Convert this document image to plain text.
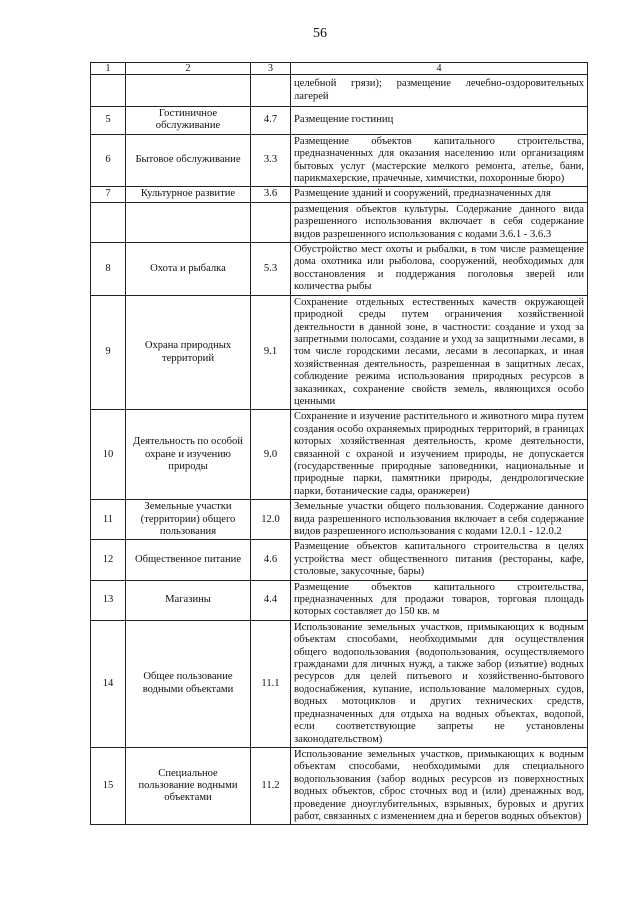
56
1	2	3	4
			целебной грязи); размещение лечебно-оздоровительных лагерей
5	Гостиничное обслуживание	4.7	Размещение гостиниц
6	Бытовое обслуживание	3.3	Размещение объектов капитального строительства, предназначенных для оказания населению или организациям бытовых услуг (мастерские мелкого ремонта, ателье, бани, парикмахерские, прачечные, химчистки, похоронные бюро)
7	Культурное развитие	3.6	Размещение зданий и сооружений, предназначенных для
			размещения объектов культуры. Содержание данного вида разрешенного использования включает в себя содержание видов разрешенного использования с кодами 3.6.1 - 3.6.3
8	Охота и рыбалка	5.3	Обустройство мест охоты и рыбалки, в том числе размещение дома охотника или рыболова, сооружений, необходимых для восстановления и поддержания поголовья зверей или количества рыбы
9	Охрана природных территорий	9.1	Сохранение отдельных естественных качеств окружающей природной среды путем ограничения хозяйственной деятельности в данной зоне, в частности: создание и уход за запретными полосами, создание и уход за защитными лесами, в том числе городскими лесами, лесами в лесопарках, и иная хозяйственная деятельность, разрешенная в защитных лесах, соблюдение режима использования природных ресурсов в заказниках, сохранение свойств земель, являющихся особо ценными
10	Деятельность по особой охране и изучению природы	9.0	Сохранение и изучение растительного и животного мира путем создания особо охраняемых природных территорий, в границах которых хозяйственная деятельность, кроме деятельности, связанной с охраной и изучением природы, не допускается (государственные природные заповедники, национальные и природные парки, памятники природы, дендрологические парки, ботанические сады, оранжереи)
11	Земельные участки (территории) общего пользования	12.0	Земельные участки общего пользования. Содержание данного вида разрешенного использования включает в себя содержание видов разрешенного использования с кодами 12.0.1 - 12.0.2
12	Общественное питание	4.6	Размещение объектов капитального строительства в целях устройства мест общественного питания (рестораны, кафе, столовые, закусочные, бары)
13	Магазины	4.4	Размещение объектов капитального строительства, предназначенных для продажи товаров, торговая площадь которых составляет до 150 кв. м
14	Общее пользование водными объектами	11.1	Использование земельных участков, примыкающих к водным объектам способами, необходимыми для осуществления общего водопользования (водопользования, осуществляемого гражданами для личных нужд, а также забор (изъятие) водных ресурсов для целей питьевого и хозяйственно-бытового водоснабжения, купание, использование маломерных судов, водных мотоциклов и других технических средств, предназначенных для отдыха на водных объектах, водопой, если соответствующие запреты не установлены законодательством)
15	Специальное пользование водными объектами	11.2	Использование земельных участков, примыкающих к водным объектам способами, необходимыми для специального водопользования (забор водных ресурсов из поверхностных водных объектов, сброс сточных вод и (или) дренажных вод, проведение дноуглубительных, взрывных, буровых и других работ, связанных с изменением дна и берегов водных объектов)
